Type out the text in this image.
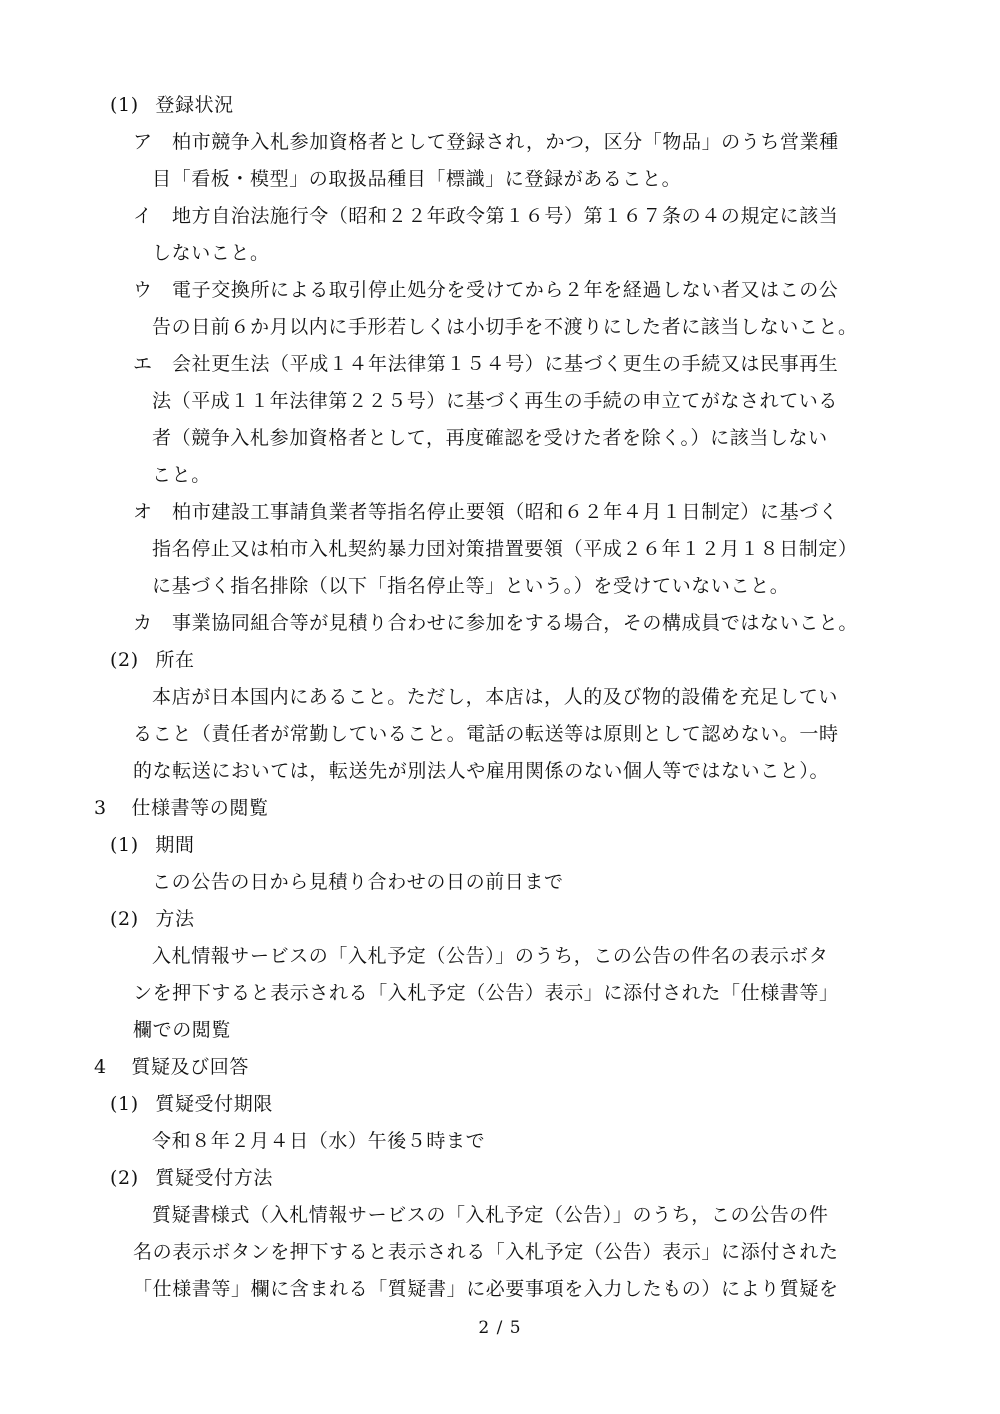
(1) 登録状況
ア 柏市競争入札参加資格者として登録され，かつ，区分「物品」のうち営業種
目「看板・模型」の取扱品種目「標識」に登録があること。
イ 地方自治法施行令（昭和２２年政令第１６号）第１６７条の４の規定に該当
しないこと。
ウ 電子交換所による取引停止処分を受けてから２年を経過しない者又はこの公
告の日前６か月以内に手形若しくは小切手を不渡りにした者に該当しないこと。
エ 会社更生法（平成１４年法律第１５４号）に基づく更生の手続又は民事再生
法（平成１１年法律第２２５号）に基づく再生の手続の申立てがなされている
者（競争入札参加資格者として，再度確認を受けた者を除く。）に該当しない
こと。
オ 柏市建設工事請負業者等指名停止要領（昭和６２年４月１日制定）に基づく
指名停止又は柏市入札契約暴力団対策措置要領（平成２６年１２月１８日制定）
に基づく指名排除（以下「指名停止等」という。）を受けていないこと。
カ 事業協同組合等が見積り合わせに参加をする場合，その構成員ではないこと。
(2) 所在
本店が日本国内にあること。ただし，本店は，人的及び物的設備を充足してい
ること（責任者が常勤していること。電話の転送等は原則として認めない。一時
的な転送においては，転送先が別法人や雇用関係のない個人等ではないこと）。
3 仕様書等の閲覧
(1) 期間
この公告の日から見積り合わせの日の前日まで
(2) 方法
入札情報サービスの「入札予定（公告）」のうち，この公告の件名の表示ボタ
ンを押下すると表示される「入札予定（公告）表示」に添付された「仕様書等」
欄での閲覧
4 質疑及び回答
(1) 質疑受付期限
令和８年２月４日（水）午後５時まで
(2) 質疑受付方法
質疑書様式（入札情報サービスの「入札予定（公告）」のうち，この公告の件
名の表示ボタンを押下すると表示される「入札予定（公告）表示」に添付された
「仕様書等」欄に含まれる「質疑書」に必要事項を入力したもの）により質疑を
2 / 5
